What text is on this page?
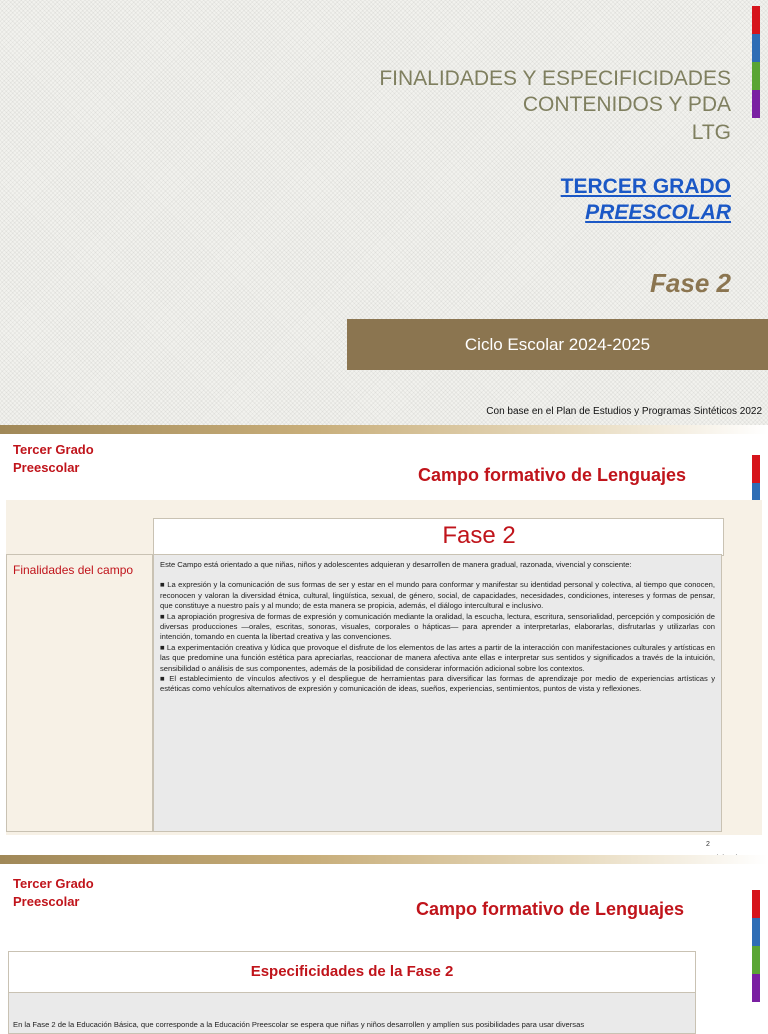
FINALIDADES Y ESPECIFICIDADES
CONTENIDOS Y PDA
LTG
TERCER GRADO
PREESCOLAR
Fase 2
Ciclo Escolar 2024-2025
Con base en el Plan de Estudios y Programas Sintéticos 2022
Tercer Grado
Preescolar	Campo formativo de Lenguajes
Fase 2
Finalidades del campo	Este Campo está orientado a que niñas, niños y adolescentes adquieran y desarrollen de manera gradual, razonada, vivencial y consciente:

■ La expresión y la comunicación de sus formas de ser y estar en el mundo para conformar y manifestar su identidad personal y colectiva, al tiempo que conocen, reconocen y valoran la diversidad étnica, cultural, lingüística, sexual, de género, social, de capacidades, necesidades, condiciones, intereses y formas de pensar, que constituye a nuestro país y al mundo; de esta manera se propicia, además, el diálogo intercultural e inclusivo.

■ La apropiación progresiva de formas de expresión y comunicación mediante la oralidad, la escucha, lectura, escritura, sensorialidad, percepción y composición de diversas producciones —orales, escritas, sonoras, visuales, corporales o hápticas— para aprender a interpretarlas, elaborarlas, disfrutarlas y utilizarlas con intención, tomando en cuenta la libertad creativa y las convenciones.

■ La experimentación creativa y lúdica que provoque el disfrute de los elementos de las artes a partir de la interacción con manifestaciones culturales y artísticas en las que predomine una función estética para apreciarlas, reaccionar de manera afectiva ante ellas e interpretar sus sentidos y significados a través de la intuición, sensibilidad o análisis de sus componentes, además de la posibilidad de considerar información adicional sobre los contextos.

■ El establecimiento de vínculos afectivos y el despliegue de herramientas para diversificar las formas de aprendizaje por medio de experiencias artísticas y estéticas como vehículos alternativos de expresión y comunicación de ideas, sueños, experiencias, sentimientos, puntos de vista y reflexiones.

2
Tercer Grado
Preescolar	Campo formativo de Lenguajes
Especificidades de la Fase 2
En la Fase 2 de la Educación Básica, que corresponde a la Educación Preescolar se espera que niñas y niños desarrollen y amplíen sus posibilidades para usar diversas
